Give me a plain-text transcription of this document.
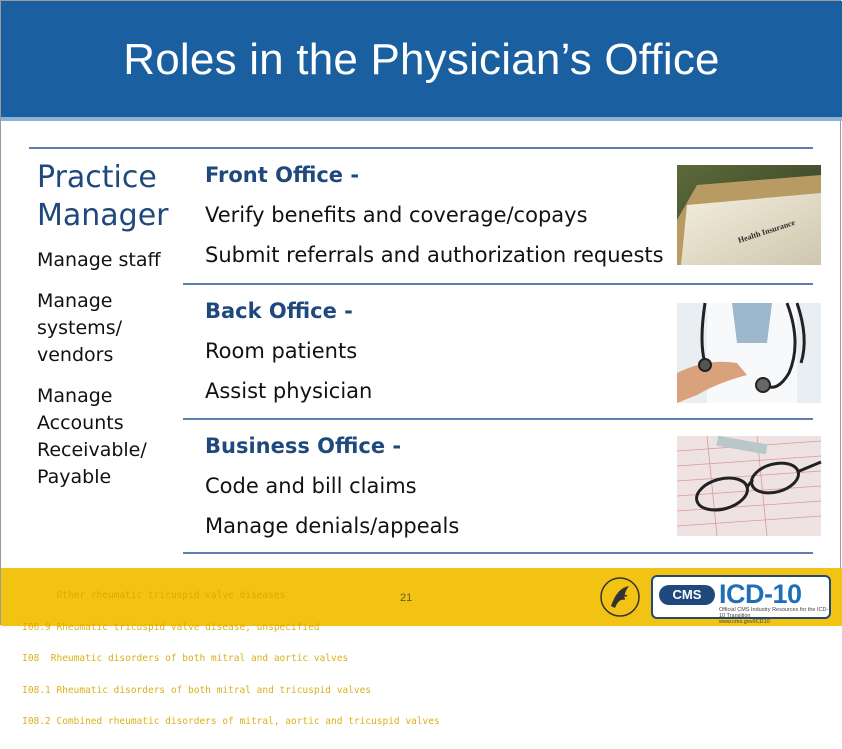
Roles in the Physician’s Office
Practice
Manager
Manage staff
Manage
systems/
vendors
Manage
Accounts
Receivable/
Payable
Front Office -
Verify benefits and coverage/copays
Submit referrals and authorization requests
Health Insurance
Back Office -
Room patients
Assist physician
Business Office -
Code and bill claims
Manage denials/appeals

Other rheumatic tricuspid valve diseases

I06.9 Rheumatic tricuspid valve disease, unspecified

I08  Rheumatic disorders of both mitral and aortic valves

I08.1 Rheumatic disorders of both mitral and tricuspid valves

I08.2 Combined rheumatic disorders of mitral, aortic and tricuspid valves

21	CMS ICD-10
Official CMS Industry Resources for the ICD-10 Transition
www.cms.gov/ICD10
